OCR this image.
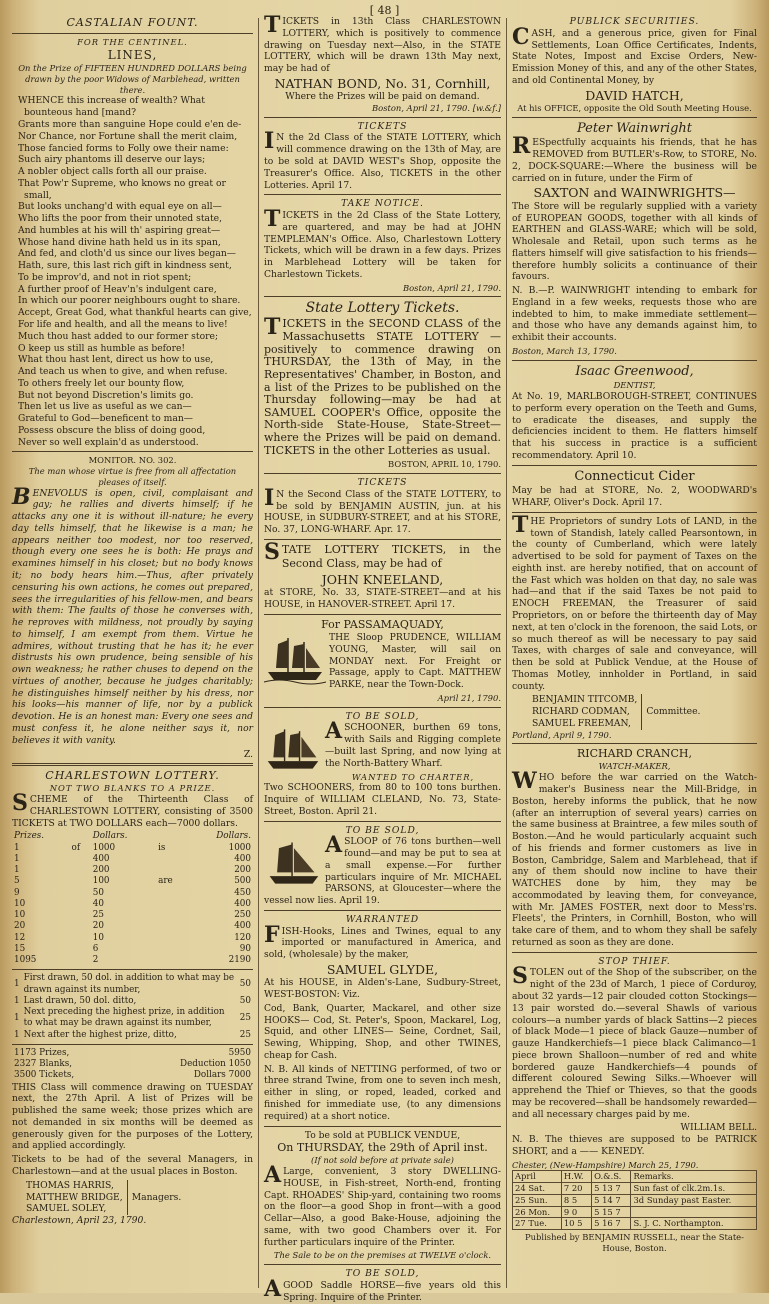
[ 48 ]
CASTALIAN FOUNT.
FOR THE CENTINEL.
LINES,
On the Prize of FIFTEEN HUNDRED DOLLARS being drawn by the poor Widows of Marblehead, written there.
WHENCE this increase of wealth? What bounteous hand [mand?
Grants more than sanguine Hope could e'en de-
Nor Chance, nor Fortune shall the merit claim,
Those fancied forms to Folly owe their name:
Such airy phantoms ill deserve our lays;
A nobler object calls forth all our praise.
That Pow'r Supreme, who knows no great or small,
But looks unchang'd with equal eye on all—
Who lifts the poor from their unnoted state,
And humbles at his will th' aspiring great—
Whose hand divine hath held us in its span,
And fed, and cloth'd us since our lives began—
Hath, sure, this last rich gift in kindness sent,
To be improv'd, and not in riot spent;
A further proof of Heav'n's indulgent care,
In which our poorer neighbours ought to share.
Accept, Great God, what thankful hearts can give,
For life and health, and all the means to live!
Much thou hast added to our former store;
O keep us still as humble as before!
What thou hast lent, direct us how to use,
And teach us when to give, and when refuse.
To others freely let our bounty flow,
But not beyond Discretion's limits go.
Then let us live as useful as we can—
Grateful to God—beneficent to man—
Possess obscure the bliss of doing good,
Never so well explain'd as understood.
MONITOR. NO. 302.
The man whose virtue is free from all affectation pleases of itself.

BENEVOLUS is open, civil, complaisant and gay; he rallies and diverts himself; if he attacks any one it is without ill-nature; he every day tells himself, that he likewise is a man; he appears neither too modest, nor too reserved, though every one sees he is both: He prays and examines himself in his closet; but no body knows it; no body hears him.—Thus, after privately censuring his own actions, he comes out prepared, sees the irregularities of his fellow-men, and bears with them: The faults of those he converses with, he reproves with mildness, not proudly by saying to himself, I am exempt from them. Virtue he admires, without trusting that he has it; he ever distrusts his own prudence, being sensible of his own weakness; he rather chuses to depend on the virtues of another, because he judges charitably; he distinguishes himself neither by his dress, nor his looks—his manner of life, nor by a publick devotion. He is an honest man: Every one sees and must confess it, he alone neither says it, nor believes it with vanity.

Z.
CHARLESTOWN LOTTERY.
NOT TWO BLANKS TO A PRIZE.

SCHEME of the Thirteenth Class of CHARLESTOWN LOTTERY, consisting of 3500 TICKETS at TWO DOLLARS each—7000 dollars.

Prizes.		Dollars.		Dollars.
1	of	1000	is	1000
1		400		400
1		200		200
5		100	are	500
9		50		450
10		40		400
10		25		250
20		20		400
12		10		120
15		6		90
1095		2		2190
1	First drawn, 50 dol. in addition to what may be drawn against its number,	50
1	Last drawn, 50 dol. ditto,	50
1	Next preceding the highest prize, in addition to what may be drawn against its number,	25
1	Next after the highest prize, ditto,	25
1173 Prizes,	5950
2327 Blanks,	Deduction 1050
3500 Tickets,	Dollars 7000

THIS Class will commence drawing on TUESDAY next, the 27th April. A list of Prizes will be published the same week; those prizes which are not demanded in six months will be deemed as generously given for the purposes of the Lottery, and applied accordingly.

Tickets to be had of the several Managers, in Charlestown—and at the usual places in Boston.

THOMAS HARRIS,
MATTHEW BRIDGE,
SAMUEL SOLEY,
Managers.
Charlestown, April 23, 1790.

TICKETS in 13th Class CHARLESTOWN LOTTERY, which is positively to commence drawing on Tuesday next—Also, in the STATE LOTTERY, which will be drawn 13th May next, may be had of

NATHAN BOND, No. 31, Cornhill,
Where the Prizes will be paid on demand.
Boston, April 21, 1790. [w.&f.]
TICKETS

IN the 2d Class of the STATE LOTTERY, which will commence drawing on the 13th of May, are to be sold at DAVID WEST's Shop, opposite the Treasurer's Office. Also, TICKETS in the other Lotteries. April 17.

TAKE NOTICE.

TICKETS in the 2d Class of the State Lottery, are quartered, and may be had at JOHN TEMPLEMAN's Office. Also, Charlestown Lottery Tickets, which will be drawn in a few days. Prizes in Marblehead Lottery will be taken for Charlestown Tickets.

Boston, April 21, 1790.
State Lottery Tickets.

TICKETS in the SECOND CLASS of the Massachusetts STATE LOTTERY —positively to commence drawing on THURSDAY, the 13th of May, in the Representatives' Chamber, in Boston, and a list of the Prizes to be published on the Thursday following—may be had at SAMUEL COOPER's Office, opposite the North-side State-House, State-Street—where the Prizes will be paid on demand. TICKETS in the other Lotteries as usual.

BOSTON, APRIL 10, 1790.
TICKETS

IN the Second Class of the STATE LOTTERY, to be sold by BENJAMIN AUSTIN, jun. at his HOUSE, in SUDBURY-STREET, and at his STORE, No. 37, LONG-WHARF. Apr. 17.

STATE LOTTERY TICKETS, in the Second Class, may be had of

JOHN KNEELAND,

at STORE, No. 33, STATE-STREET—and at his HOUSE, in HANOVER-STREET. April 17.

For PASSAMAQUADY,

THE Sloop PRUDENCE, WILLIAM YOUNG, Master, will sail on MONDAY next. For Freight or Passage, apply to Capt. MATTHEW PARKE, near the Town-Dock.

April 21, 1790.
TO BE SOLD,

ASCHOONER, burthen 69 tons, with Sails and Rigging complete—built last Spring, and now lying at the North-Battery Wharf.

WANTED TO CHARTER,

Two SCHOONERS, from 80 to 100 tons burthen. Inquire of WILLIAM CLELAND, No. 73, State-Street, Boston. April 21.

TO BE SOLD,

ASLOOP of 76 tons burthen—well found—and may be put to sea at a small expense.—For further particulars inquire of Mr. MICHAEL PARSONS, at Gloucester—where the vessel now lies. April 19.

WARRANTED

FISH-Hooks, Lines and Twines, equal to any imported or manufactured in America, and sold, (wholesale) by the maker,

SAMUEL GLYDE,

At his HOUSE, in Alden's-Lane, Sudbury-Street, WEST-BOSTON: Viz.

Cod, Bank, Quarter, Mackarel, and other size HOOKS— Cod, St. Peter's, Spoon, Mackarel, Log, Squid, and other LINES— Seine, Cordnet, Sail, Sewing, Whipping, Shop, and other TWINES, cheap for Cash.

N. B. All kinds of NETTING performed, of two or three strand Twine, from one to seven inch mesh, either in sling, or roped, leaded, corked and finished for immediate use, (to any dimensions required) at a short notice.

To be sold at PUBLICK VENDUE,
On THURSDAY, the 29th of April inst.
(If not sold before at private sale)

ALarge, convenient, 3 story DWELLING-HOUSE, in Fish-street, North-end, fronting Capt. RHOADES' Ship-yard, containing two rooms on the floor—a good Shop in front—with a good Cellar—Also, a good Bake-House, adjoining the same, with two good Chambers over it. For further particulars inquire of the Printer.

The Sale to be on the premises at TWELVE o'clock.
TO BE SOLD,

AGOOD Saddle HORSE—five years old this Spring. Inquire of the Printer.

PUBLICK SECURITIES.

CASH, and a generous price, given for Final Settlements, Loan Office Certificates, Indents, State Notes, Impost and Excise Orders, New-Emission Money of this, and any of the other States, and old Continental Money, by

DAVID HATCH,
At his OFFICE, opposite the Old South Meeting House.
Peter Wainwright

RESpectfully acquaints his friends, that he has REMOVED from BUTLER's-Row, to STORE, No. 2, DOCK-SQUARE:—Where the business will be carried on in future, under the Firm of

SAXTON and WAINWRIGHTS—

The Store will be regularly supplied with a variety of EUROPEAN GOODS, together with all kinds of EARTHEN and GLASS-WARE; which will be sold, Wholesale and Retail, upon such terms as he flatters himself will give satisfaction to his friends—therefore humbly solicits a continuance of their favours.

N. B.—P. WAINWRIGHT intending to embark for England in a few weeks, requests those who are indebted to him, to make immediate settlement—and those who have any demands against him, to exhibit their accounts.

Boston, March 13, 1790.
Isaac Greenwood,
DENTIST,

At No. 19, MARLBOROUGH-STREET, CONTINUES to perform every operation on the Teeth and Gums, to eradicate the diseases, and supply the deficiencies incident to them. He flatters himself that his success in practice is a sufficient recommendatory. April 10.

Connecticut Cider

May be had at STORE, No. 2, WOODWARD's WHARF, Oliver's Dock. April 17.

THE Proprietors of sundry Lots of LAND, in the town of Standish, lately called Pearsontown, in the county of Cumberland, which were lately advertised to be sold for payment of Taxes on the eighth inst. are hereby notified, that on account of the Fast which was holden on that day, no sale was had—and that if the said Taxes be not paid to ENOCH FREEMAN, the Treasurer of said Proprietors, on or before the thirteenth day of May next, at ten o'clock in the forenoon, the said Lots, or so much thereof as will be necessary to pay said Taxes, with charges of sale and conveyance, will then be sold at Publick Vendue, at the House of Thomas Motley, innholder in Portland, in said county.

BENJAMIN TITCOMB,
RICHARD CODMAN,
SAMUEL FREEMAN,
Committee.
Portland, April 9, 1790.
RICHARD CRANCH,
WATCH-MAKER,

WHO before the war carried on the Watch-maker's Business near the Mill-Bridge, in Boston, hereby informs the publick, that he now (after an interruption of several years) carries on the same business at Braintree, a few miles south of Boston.—And he would particularly acquaint such of his friends and former customers as live in Boston, Cambridge, Salem and Marblehead, that if any of them should now incline to have their WATCHES done by him, they may be accommodated by leaving them, for conveyance, with Mr. JAMES FOSTER, next door to Mess'rs. Fleets', the Printers, in Cornhill, Boston, who will take care of them, and to whom they shall be safely returned as soon as they are done.

STOP THIEF.

STOLEN out of the Shop of the subscriber, on the night of the 23d of March, 1 piece of Corduroy, about 32 yards—12 pair clouded cotton Stockings—13 pair worsted do.—several Shawls of various colours—a number yards of black Sattins—2 pieces of black Mode—1 piece of black Gauze—number of gauze Handkerchiefs—1 piece black Calimanco—1 piece brown Shalloon—number of red and white bordered gauze Handkerchiefs—4 pounds of different coloured Sewing Silks.—Whoever will apprehend the Thief or Thieves, so that the goods may be recovered—shall be handsomely rewarded—and all necessary charges paid by me.

WILLIAM BELL.

N. B. The thieves are supposed to be PATRICK SHORT, and a —— KENEDY.

Chester, (New-Hampshire) March 25, 1790.
April	H.W.	O.&.S.	Remarks.
24 Sat.	7 20	5 13 7	Sun fast of clk.2m.1s.
25 Sun.	8 5	5 14 7	3d Sunday past Easter.
26 Mon.	9 0	5 15 7	
27 Tue.	10 5	5 16 7	S. J. C. Northampton.
Published by BENJAMIN RUSSELL, near the State-House, Boston.
